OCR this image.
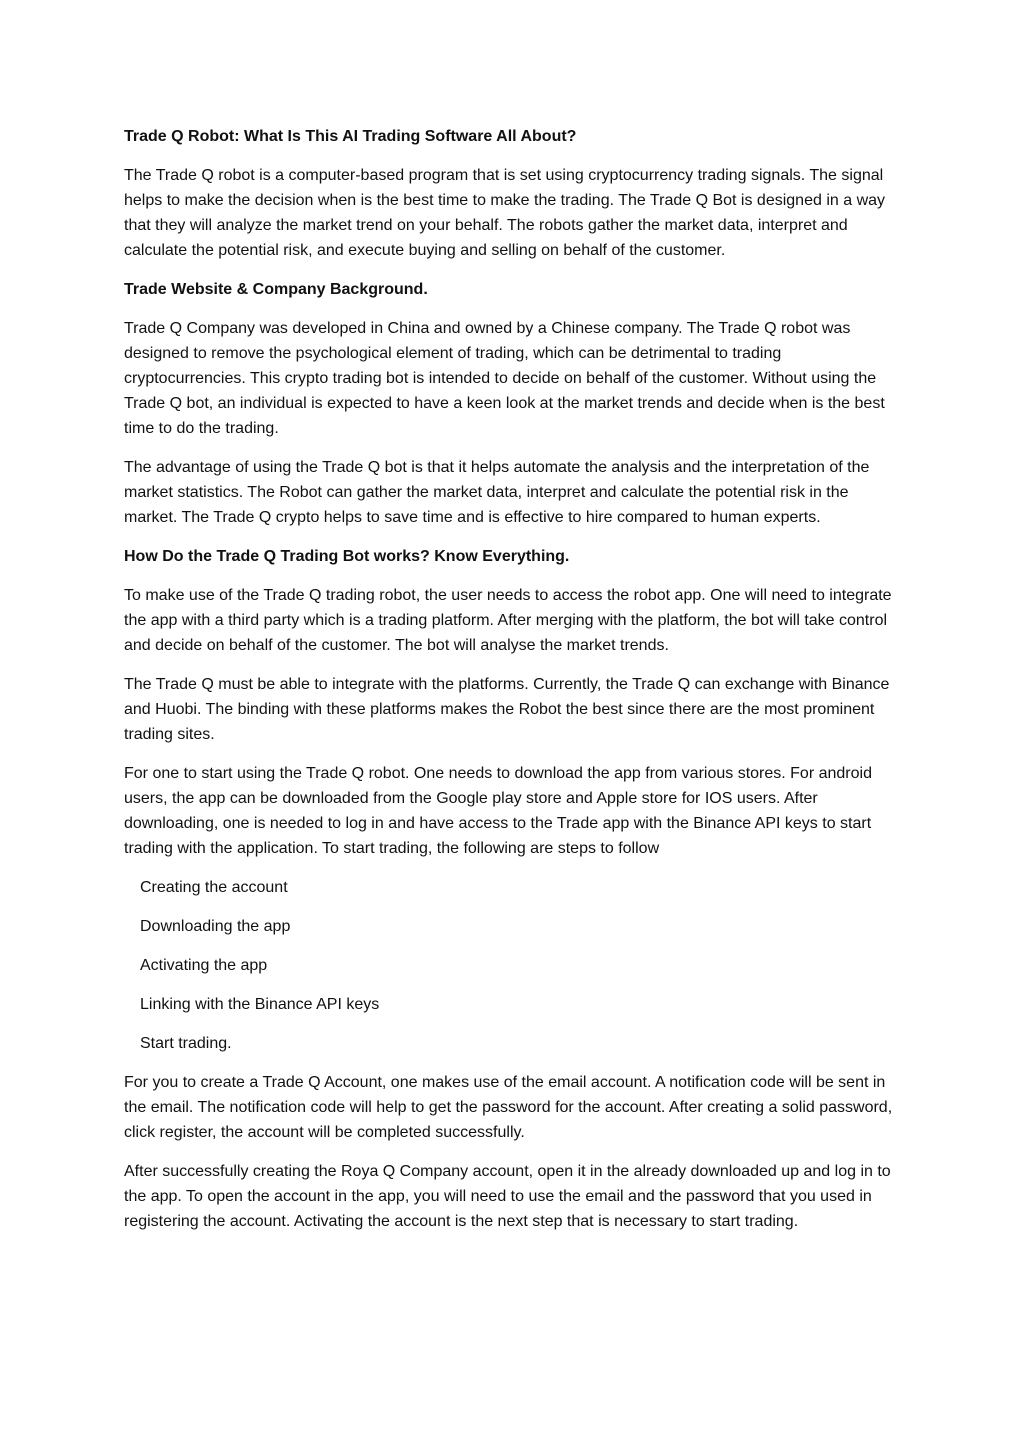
Trade Q Robot: What Is This AI Trading Software All About?

The Trade Q robot is a computer-based program that is set using cryptocurrency trading signals. The signal helps to make the decision when is the best time to make the trading. The Trade Q Bot is designed in a way that they will analyze the market trend on your behalf. The robots gather the market data, interpret and calculate the potential risk, and execute buying and selling on behalf of the customer.

Trade Website & Company Background.

Trade Q Company was developed in China and owned by a Chinese company. The Trade Q robot was designed to remove the psychological element of trading, which can be detrimental to trading cryptocurrencies. This crypto trading bot is intended to decide on behalf of the customer. Without using the Trade Q bot, an individual is expected to have a keen look at the market trends and decide when is the best time to do the trading.

The advantage of using the Trade Q bot is that it helps automate the analysis and the interpretation of the market statistics. The Robot can gather the market data, interpret and calculate the potential risk in the market. The Trade Q crypto helps to save time and is effective to hire compared to human experts.

How Do the Trade Q Trading Bot works? Know Everything.

To make use of the Trade Q trading robot, the user needs to access the robot app. One will need to integrate the app with a third party which is a trading platform. After merging with the platform, the bot will take control and decide on behalf of the customer. The bot will analyse the market trends.

The Trade Q must be able to integrate with the platforms. Currently, the Trade Q can exchange with Binance and Huobi. The binding with these platforms makes the Robot the best since there are the most prominent trading sites.

For one to start using the Trade Q robot. One needs to download the app from various stores. For android users, the app can be downloaded from the Google play store and Apple store for IOS users. After downloading, one is needed to log in and have access to the Trade app with the Binance API keys to start trading with the application. To start trading, the following are steps to follow

Creating the account
Downloading the app
Activating the app
Linking with the Binance API keys
Start trading.

For you to create a Trade Q Account, one makes use of the email account. A notification code will be sent in the email. The notification code will help to get the password for the account. After creating a solid password, click register, the account will be completed successfully.

After successfully creating the Roya Q Company account, open it in the already downloaded up and log in to the app. To open the account in the app, you will need to use the email and the password that you used in registering the account. Activating the account is the next step that is necessary to start trading.
